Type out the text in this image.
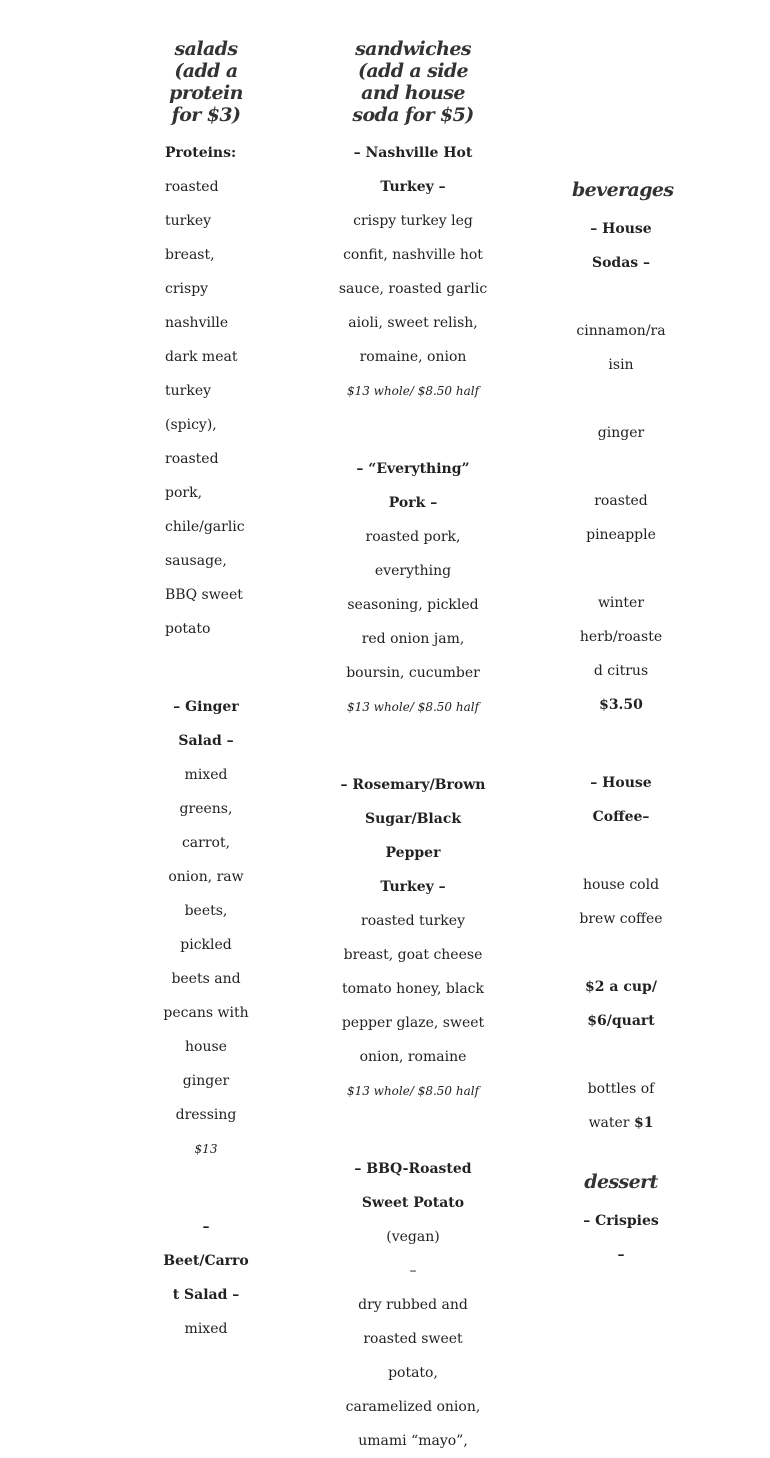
salads (add a protein for $3)
Proteins:
roasted
turkey
breast,
crispy
nashville
dark meat
turkey
(spicy),
roasted
pork,
chile/garlic
sausage,
BBQ sweet
potato
– Ginger
Salad –
mixed
greens,
carrot,
onion, raw
beets,
pickled
beets and
pecans with
house
ginger
dressing
$13
–
Beet/Carro
t Salad –
mixed
sandwiches (add a side and house soda for $5)
– Nashville Hot
Turkey –
crispy turkey leg
confit, nashville hot
sauce, roasted garlic
aioli, sweet relish,
romaine, onion
$13 whole/ $8.50 half
– “Everything”
Pork –
roasted pork,
everything
seasoning, pickled
red onion jam,
boursin, cucumber
$13 whole/ $8.50 half
– Rosemary/Brown
Sugar/Black Pepper
Turkey –
roasted turkey
breast, goat cheese
tomato honey, black
pepper glaze, sweet
onion, romaine
$13 whole/ $8.50 half
– BBQ-Roasted
Sweet Potato (vegan)
–
dry rubbed and
roasted sweet potato,
caramelized onion,
umami “mayo”,
beverages
– House
Sodas –
cinnamon/ra
isin
ginger
roasted
pineapple
winter
herb/roaste
d citrus
$3.50
– House
Coffee–
house cold
brew coffee
$2 a cup/
$6/quart
bottles of
water $1
dessert
– Crispies
–
